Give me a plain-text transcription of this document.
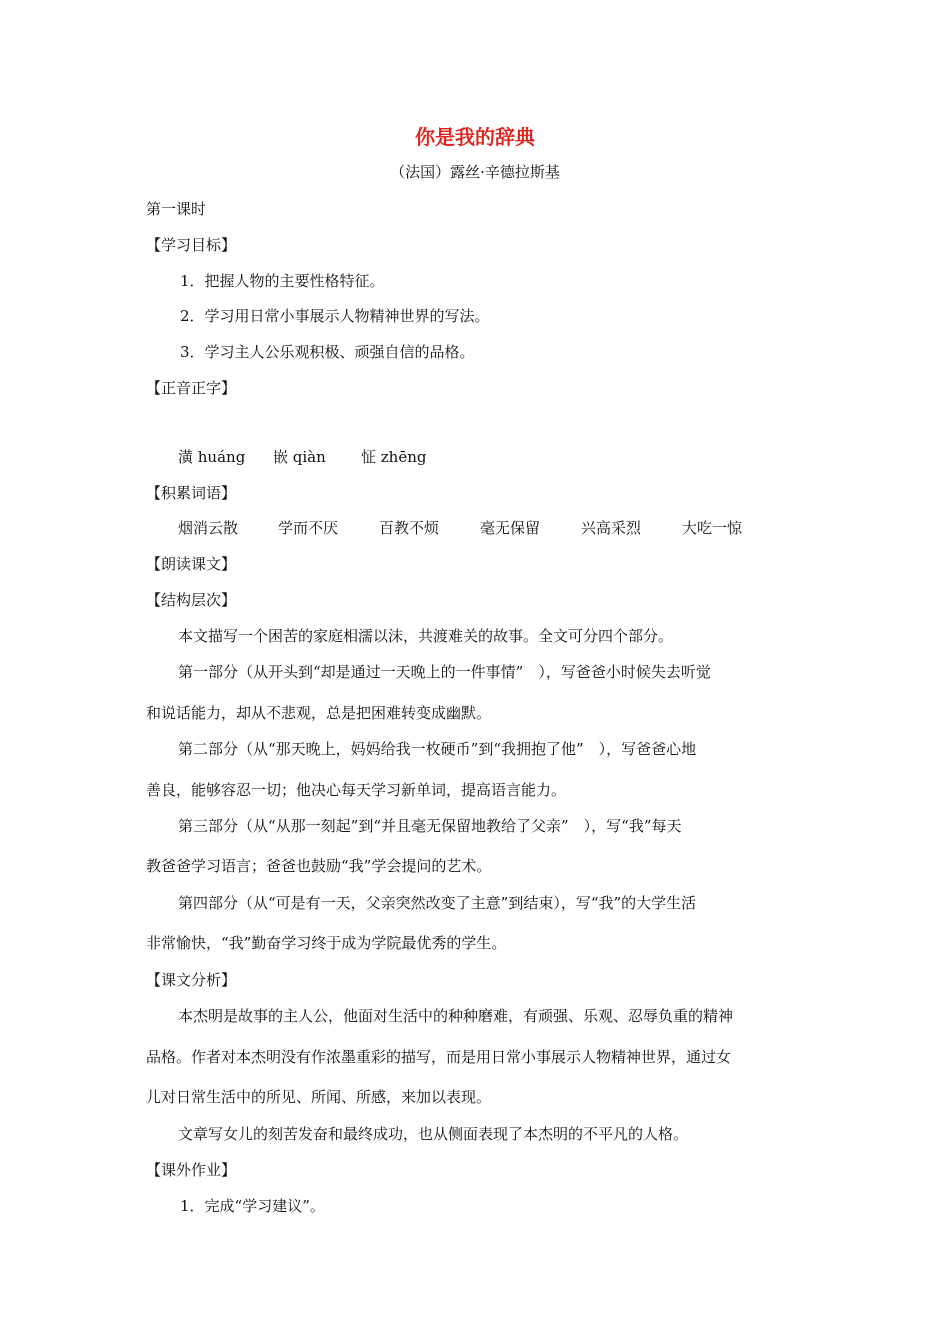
你是我的辞典
（法国）露丝·辛德拉斯基
第一课时
【学习目标】
1．把握人物的主要性格特征。
2．学习用日常小事展示人物精神世界的写法。
3．学习主人公乐观积极、顽强自信的品格。
【正音正字】
潢 huáng 嵌 qiàn 怔 zhēng
【积累词语】
烟消云散	学而不厌	百教不烦	毫无保留	兴高采烈	大吃一惊
【朗读课文】
【结构层次】
本文描写一个困苦的家庭相濡以沫，共渡难关的故事。全文可分四个部分。
第一部分（从开头到“却是通过一天晚上的一件事情”　），写爸爸小时候失去听觉
和说话能力，却从不悲观，总是把困难转变成幽默。
第二部分（从“那天晚上，妈妈给我一枚硬币”到“我拥抱了他”　），写爸爸心地
善良，能够容忍一切；他决心每天学习新单词，提高语言能力。
第三部分（从“从那一刻起”到“并且毫无保留地教给了父亲”　），写“我”每天
教爸爸学习语言；爸爸也鼓励“我”学会提问的艺术。
第四部分（从“可是有一天，父亲突然改变了主意”到结束），写“我”的大学生活
非常愉快，“我”勤奋学习终于成为学院最优秀的学生。
【课文分析】
本杰明是故事的主人公，他面对生活中的种种磨难，有顽强、乐观、忍辱负重的精神
品格。作者对本杰明没有作浓墨重彩的描写，而是用日常小事展示人物精神世界，通过女
儿对日常生活中的所见、所闻、所感，来加以表现。
文章写女儿的刻苦发奋和最终成功，也从侧面表现了本杰明的不平凡的人格。
【课外作业】
1．完成“学习建议”。
